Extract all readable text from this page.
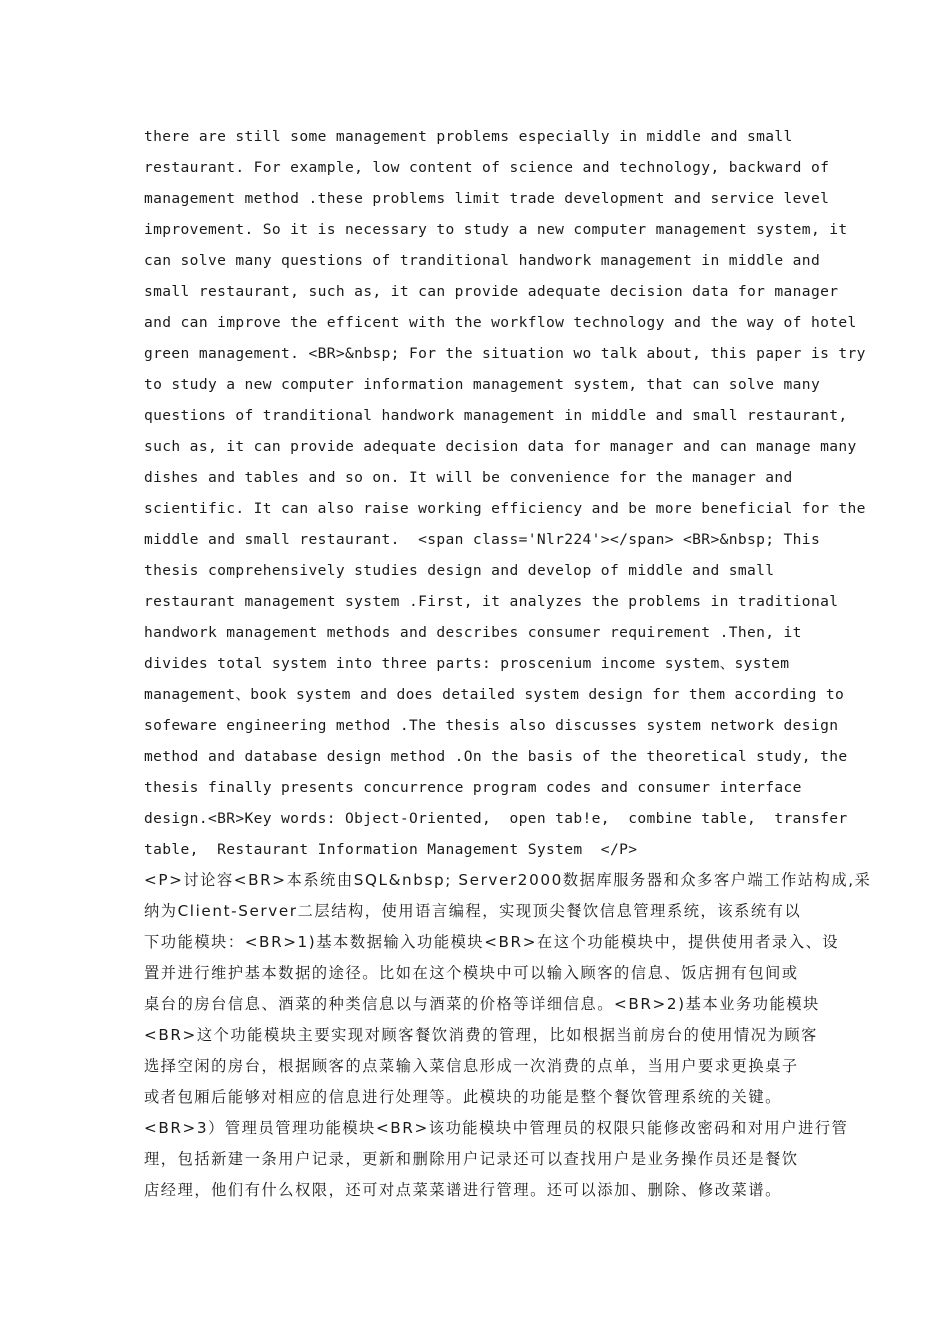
there are still some management problems especially in middle and small
restaurant. For example, low content of science and technology, backward of
management method .these problems limit trade development and service level
improvement. So it is necessary to study a new computer management system, it
can solve many questions of tranditional handwork management in middle and
small restaurant, such as, it can provide adequate decision data for manager
and can improve the efficent with the workflow technology and the way of hotel
green management. <BR>&nbsp; For the situation wo talk about, this paper is try
to study a new computer information management system, that can solve many
questions of tranditional handwork management in middle and small restaurant,
such as, it can provide adequate decision data for manager and can manage many
dishes and tables and so on. It will be convenience for the manager and
scientific. It can also raise working efficiency and be more beneficial for the
middle and small restaurant.  <span class='Nlr224'></span> <BR>&nbsp; This
thesis comprehensively studies design and develop of middle and small
restaurant management system .First, it analyzes the problems in traditional
handwork management methods and describes consumer requirement .Then, it
divides total system into three parts: proscenium income system、system
management、book system and does detailed system design for them according to
sofeware engineering method .The thesis also discusses system network design
method and database design method .On the basis of the theoretical study, the
thesis finally presents concurrence program codes and consumer interface
design.<BR>Key words: Object-Oriented,  open tab!e,  combine table,  transfer
table,  Restaurant Information Management System  </P>
<P>讨论容<BR>本系统由SQL&nbsp; Server2000数据库服务器和众多客户端工作站构成,采
纳为Client-Server二层结构，使用语言编程，实现顶尖餐饮信息管理系统，该系统有以
下功能模块：<BR>1)基本数据输入功能模块<BR>在这个功能模块中，提供使用者录入、设
置并进行维护基本数据的途径。比如在这个模块中可以输入顾客的信息、饭店拥有包间或
桌台的房台信息、酒菜的种类信息以与酒菜的价格等详细信息。<BR>2)基本业务功能模块
<BR>这个功能模块主要实现对顾客餐饮消费的管理，比如根据当前房台的使用情况为顾客
选择空闲的房台，根据顾客的点菜输入菜信息形成一次消费的点单，当用户要求更换桌子
或者包厢后能够对相应的信息进行处理等。此模块的功能是整个餐饮管理系统的关键。
<BR>3）管理员管理功能模块<BR>该功能模块中管理员的权限只能修改密码和对用户进行管
理，包括新建一条用户记录，更新和删除用户记录还可以查找用户是业务操作员还是餐饮
店经理，他们有什么权限，还可对点菜菜谱进行管理。还可以添加、删除、修改菜谱。
